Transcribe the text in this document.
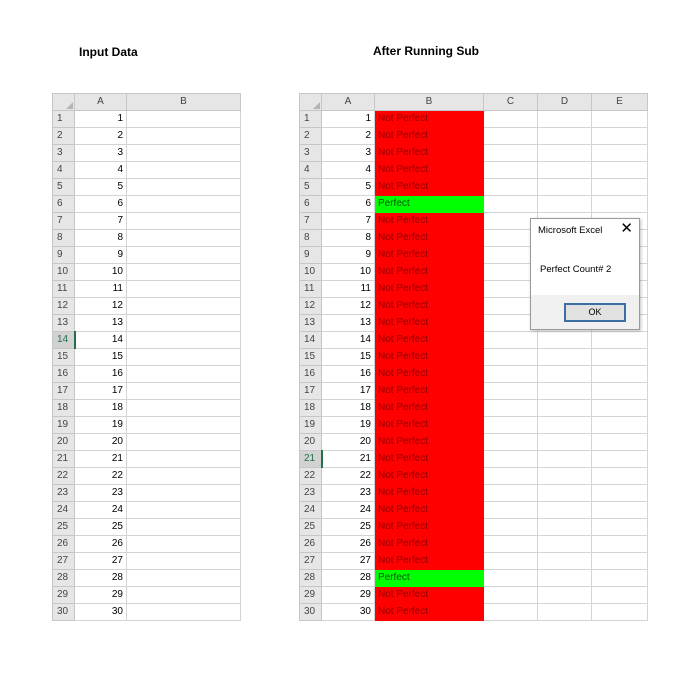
Input Data	After Running Sub
	A	B
1	1	
2	2	
3	3	
4	4	
5	5	
6	6	
7	7	
8	8	
9	9	
10	10	
11	11	
12	12	
13	13	
14	14	
15	15	
16	16	
17	17	
18	18	
19	19	
20	20	
21	21	
22	22	
23	23	
24	24	
25	25	
26	26	
27	27	
28	28	
29	29	
30	30	
	A	B	C	D	E
1	1	Not Perfect			
2	2	Not Perfect			
3	3	Not Perfect			
4	4	Not Perfect			
5	5	Not Perfect			
6	6	Perfect			
7	7	Not Perfect			
8	8	Not Perfect			
9	9	Not Perfect			
10	10	Not Perfect			
11	11	Not Perfect			
12	12	Not Perfect			
13	13	Not Perfect			
14	14	Not Perfect			
15	15	Not Perfect			
16	16	Not Perfect			
17	17	Not Perfect			
18	18	Not Perfect			
19	19	Not Perfect			
20	20	Not Perfect			
21	21	Not Perfect			
22	22	Not Perfect			
23	23	Not Perfect			
24	24	Not Perfect			
25	25	Not Perfect			
26	26	Not Perfect			
27	27	Not Perfect			
28	28	Perfect			
29	29	Not Perfect			
30	30	Not Perfect			
Microsoft Excel ✕
Perfect Count# 2
OK
